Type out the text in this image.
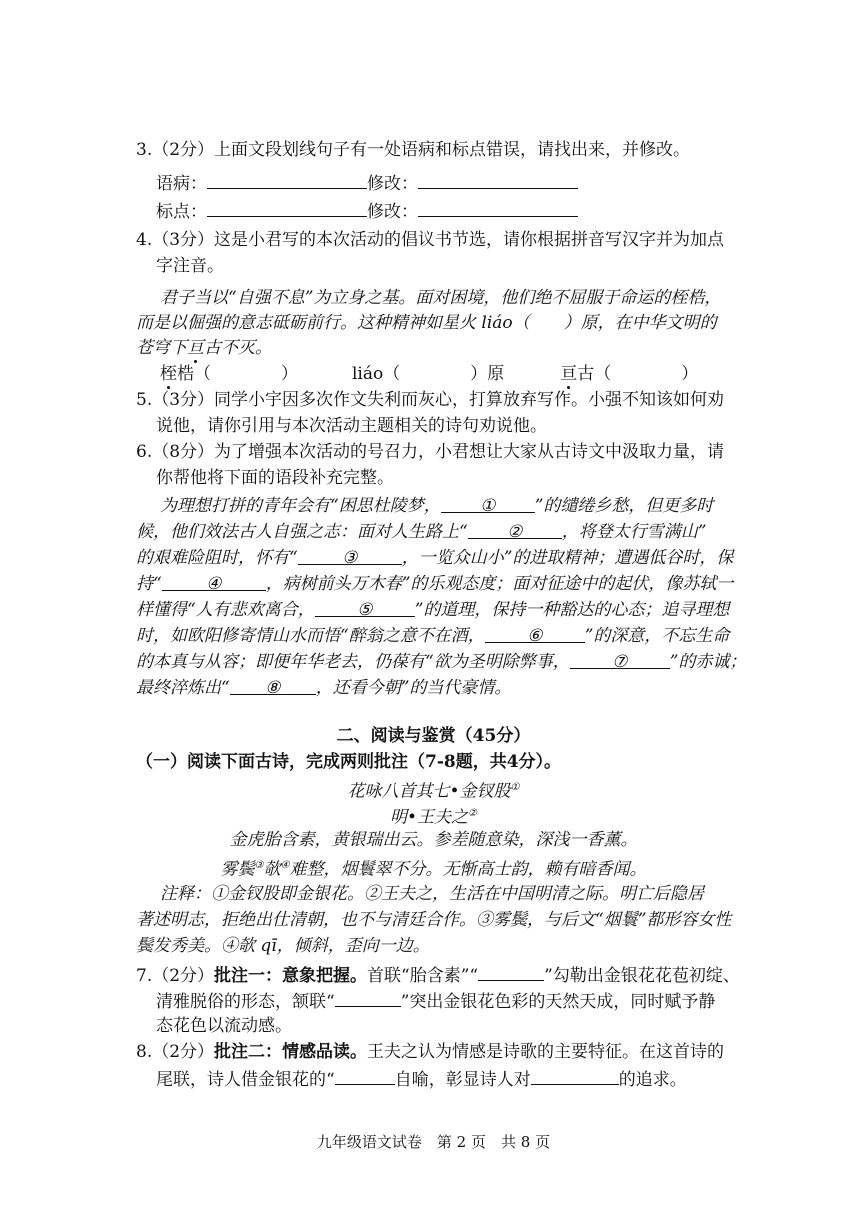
3.（2分）上面文段划线句子有一处语病和标点错误，请找出来，并修改。
语病：	修改：
标点：	修改：
4.（3分）这是小君写的本次活动的倡议书节选，请你根据拼音写汉字并为加点
字注音。
君子当以“自强不息”为立身之基。面对困境，他们绝不屈服于命运的桎梏，
而是以倔强的意志砥砺前行。这种精神如星火 liáo（　　）原，在中华文明的
苍穹下亘古不灭。
桎梏（	）	liáo（	）原	亘古（	）
5.（3分）同学小宇因多次作文失利而灰心，打算放弃写作。小强不知该如何劝
说他，请你引用与本次活动主题相关的诗句劝说他。
6.（8分）为了增强本次活动的号召力，小君想让大家从古诗文中汲取力量，请
你帮他将下面的语段补充完整。
为理想打拼的青年会有“困思杜陵梦， ① ”的缱绻乡愁，但更多时
候，他们效法古人自强之志：面对人生路上“ ② ，将登太行雪满山”
的艰难险阻时，怀有“	③	，一览众山小”的进取精神；遭遇低谷时，保
持“	④	，病树前头万木春”的乐观态度；面对征途中的起伏，像苏轼一
样懂得“人有悲欢离合， ⑤ ”的道理，保持一种豁达的心态；追寻理想
时，如欧阳修寄情山水而悟“醉翁之意不在酒， ⑥ ”的深意，不忘生命
的本真与从容；即便年华老去，仍葆有“欲为圣明除弊事， ⑦ ”的赤诚；
最终淬炼出“ ⑧ ，还看今朝”的当代豪情。
二、阅读与鉴赏（45分）
（一）阅读下面古诗，完成两则批注（7-8题，共4分）。
花咏八首其七•金钗股①
明•王夫之②
金虎胎含素，黄银瑞出云。参差随意染，深浅一香薰。
雾鬓③欹④难整，烟鬟翠不分。无惭高士韵，赖有暗香闻。
注释：①金钗股即金银花。②王夫之，生活在中国明清之际。明亡后隐居
著述明志，拒绝出仕清朝，也不与清廷合作。③雾鬓，与后文“烟鬟”都形容女性
鬓发秀美。④欹 qī，倾斜，歪向一边。
7.（2分）批注一：意象把握。首联“胎含素”“	”勾勒出金银花花苞初绽、
清雅脱俗的形态，颔联“	”突出金银花色彩的天然天成，同时赋予静
态花色以流动感。
8.（2分）批注二：情感品读。王夫之认为情感是诗歌的主要特征。在这首诗的
尾联，诗人借金银花的“	自喻，彰显诗人对	的追求。
九年级语文试卷　第 2 页　共 8 页
